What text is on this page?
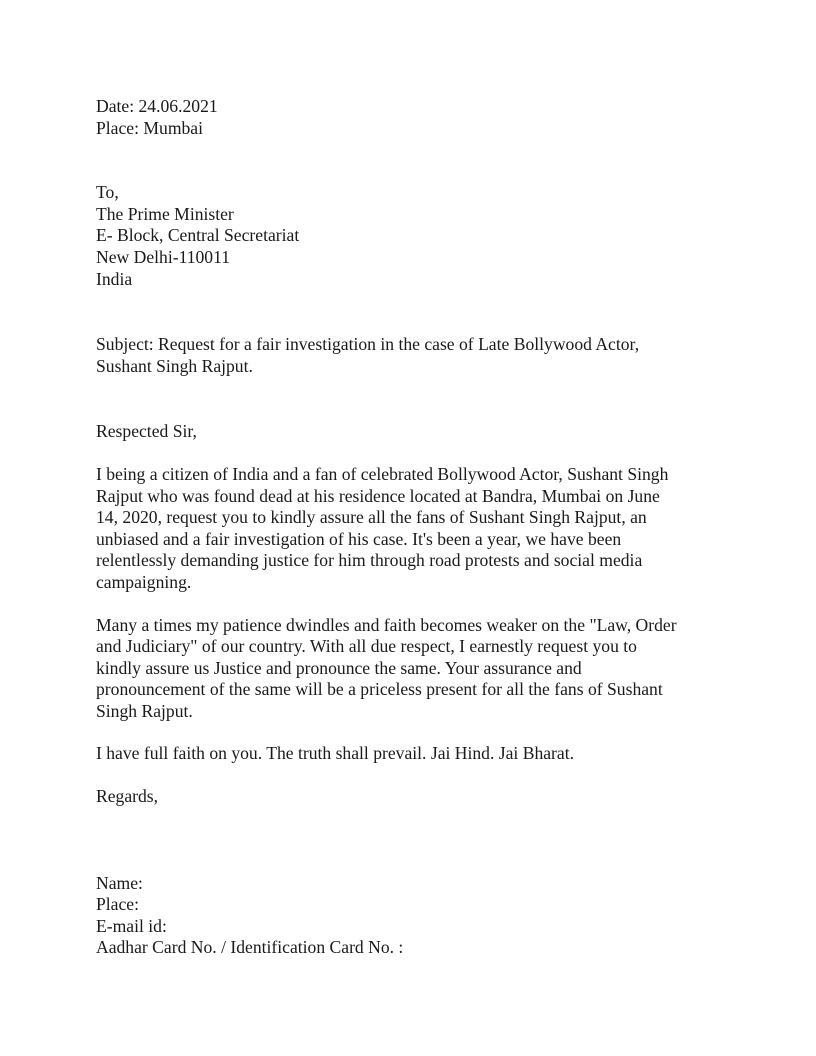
Date: 24.06.2021
Place: Mumbai
To,
The Prime Minister
E- Block, Central Secretariat
New Delhi-110011
India
Subject: Request for a fair investigation in the case of Late Bollywood Actor,
Sushant Singh Rajput.
Respected Sir,
I being a citizen of India and a fan of celebrated Bollywood Actor, Sushant Singh
Rajput who was found dead at his residence located at Bandra, Mumbai on June
14, 2020, request you to kindly assure all the fans of Sushant Singh Rajput, an
unbiased and a fair investigation of his case. It's been a year, we have been
relentlessly demanding justice for him through road protests and social media
campaigning.
Many a times my patience dwindles and faith becomes weaker on the "Law, Order
and Judiciary" of our country. With all due respect, I earnestly request you to
kindly assure us Justice and pronounce the same. Your assurance and
pronouncement of the same will be a priceless present for all the fans of Sushant
Singh Rajput.
I have full faith on you. The truth shall prevail. Jai Hind. Jai Bharat.
Regards,
Name:
Place:
E-mail id:
Aadhar Card No. / Identification Card No. :
